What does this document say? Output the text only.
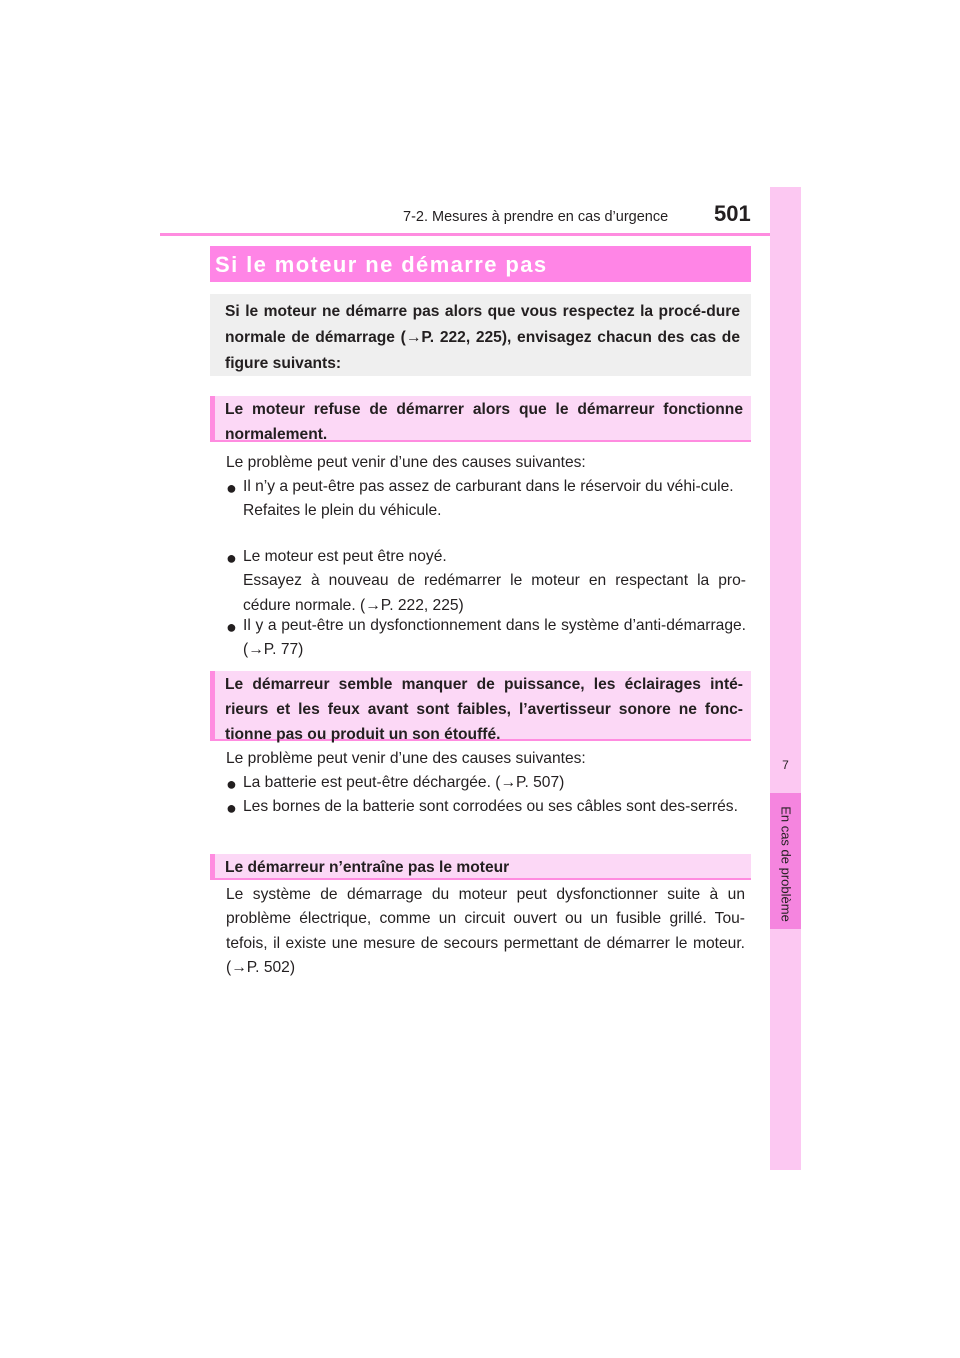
7-2. Mesures à prendre en cas d’urgence 501
7
En cas de problème
Si le moteur ne démarre pas
Si le moteur ne démarre pas alors que vous respectez la procé-dure normale de démarrage (→P. 222, 225), envisagez chacun des cas de figure suivants:
Le moteur refuse de démarrer alors que le démarreur fonctionne normalement.
Le problème peut venir d’une des causes suivantes:
● Il n’y a peut-être pas assez de carburant dans le réservoir du véhi-cule.
Refaites le plein du véhicule.
● Le moteur est peut être noyé.
Essayez à nouveau de redémarrer le moteur en respectant la pro-cédure normale. (→P. 222, 225)
● Il y a peut-être un dysfonctionnement dans le système d’anti-démarrage. (→P. 77)
Le démarreur semble manquer de puissance, les éclairages inté-rieurs et les feux avant sont faibles, l’avertisseur sonore ne fonc-tionne pas ou produit un son étouffé.
Le problème peut venir d’une des causes suivantes:
● La batterie est peut-être déchargée. (→P. 507)
● Les bornes de la batterie sont corrodées ou ses câbles sont des-serrés.
Le démarreur n’entraîne pas le moteur
Le système de démarrage du moteur peut dysfonctionner suite à un problème électrique, comme un circuit ouvert ou un fusible grillé. Tou-tefois, il existe une mesure de secours permettant de démarrer le moteur. (→P. 502)
